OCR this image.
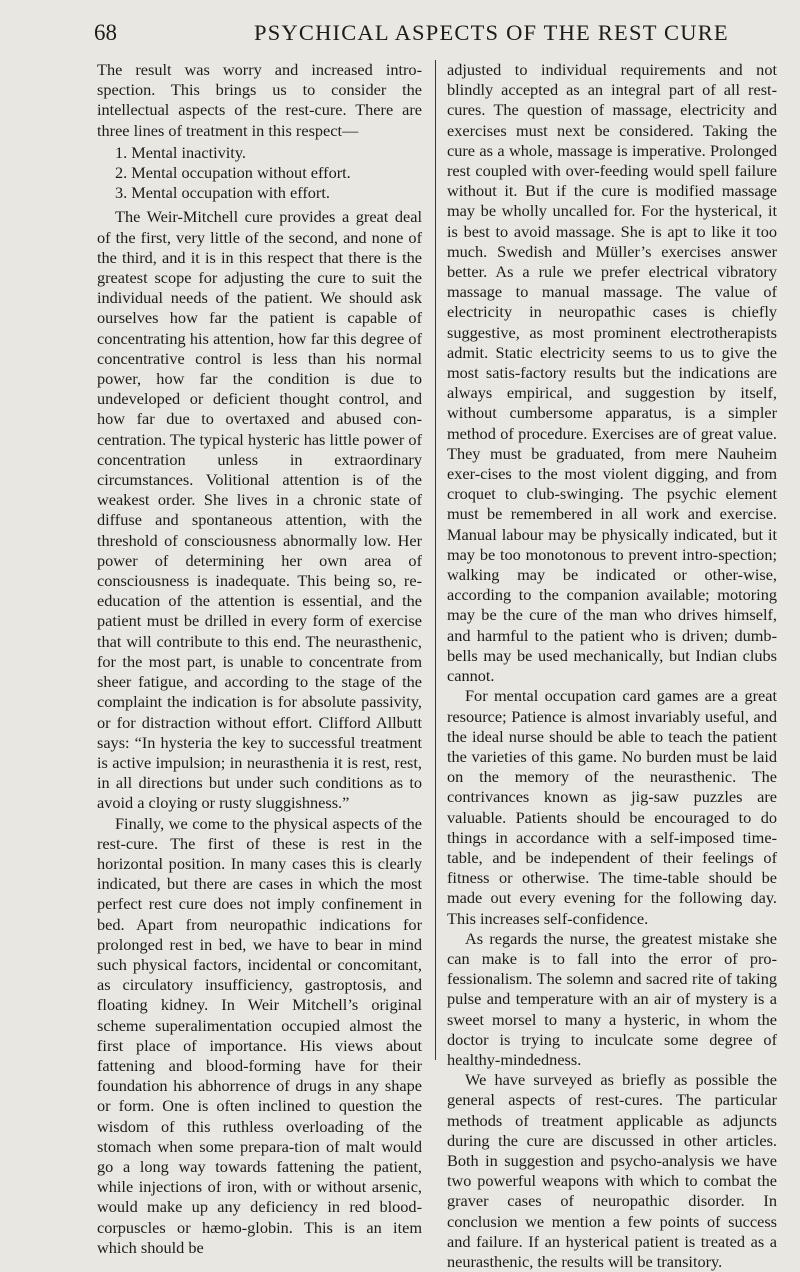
68	PSYCHICAL ASPECTS OF THE REST CURE

The result was worry and increased intro-spection. This brings us to consider the intellectual aspects of the rest-cure. There are three lines of treatment in this respect—

1. Mental inactivity.
2. Mental occupation without effort.
3. Mental occupation with effort.

The Weir-Mitchell cure provides a great deal of the first, very little of the second, and none of the third, and it is in this respect that there is the greatest scope for adjusting the cure to suit the individual needs of the patient. We should ask ourselves how far the patient is capable of concentrating his attention, how far this degree of concentrative control is less than his normal power, how far the condition is due to undeveloped or deficient thought control, and how far due to overtaxed and abused con-centration. The typical hysteric has little power of concentration unless in extraordinary circumstances. Volitional attention is of the weakest order. She lives in a chronic state of diffuse and spontaneous attention, with the threshold of consciousness abnormally low. Her power of determining her own area of consciousness is inadequate. This being so, re-education of the attention is essential, and the patient must be drilled in every form of exercise that will contribute to this end. The neurasthenic, for the most part, is unable to concentrate from sheer fatigue, and according to the stage of the complaint the indication is for absolute passivity, or for distraction without effort. Clifford Allbutt says: “In hysteria the key to successful treatment is active impulsion; in neurasthenia it is rest, rest, in all directions but under such conditions as to avoid a cloying or rusty sluggishness.”

Finally, we come to the physical aspects of the rest-cure. The first of these is rest in the horizontal position. In many cases this is clearly indicated, but there are cases in which the most perfect rest cure does not imply confinement in bed. Apart from neuropathic indications for prolonged rest in bed, we have to bear in mind such physical factors, incidental or concomitant, as circulatory insufficiency, gastroptosis, and floating kidney. In Weir Mitchell’s original scheme superalimentation occupied almost the first place of importance. His views about fattening and blood-forming have for their foundation his abhorrence of drugs in any shape or form. One is often inclined to question the wisdom of this ruthless overloading of the stomach when some prepara-tion of malt would go a long way towards fattening the patient, while injections of iron, with or without arsenic, would make up any deficiency in red blood-corpuscles or hæmo-globin. This is an item which should be

adjusted to individual requirements and not blindly accepted as an integral part of all rest-cures. The question of massage, electricity and exercises must next be considered. Taking the cure as a whole, massage is imperative. Prolonged rest coupled with over-feeding would spell failure without it. But if the cure is modified massage may be wholly uncalled for. For the hysterical, it is best to avoid massage. She is apt to like it too much. Swedish and Müller’s exercises answer better. As a rule we prefer electrical vibratory massage to manual massage. The value of electricity in neuropathic cases is chiefly suggestive, as most prominent electrotherapists admit. Static electricity seems to us to give the most satis-factory results but the indications are always empirical, and suggestion by itself, without cumbersome apparatus, is a simpler method of procedure. Exercises are of great value. They must be graduated, from mere Nauheim exer-cises to the most violent digging, and from croquet to club-swinging. The psychic element must be remembered in all work and exercise. Manual labour may be physically indicated, but it may be too monotonous to prevent intro-spection; walking may be indicated or other-wise, according to the companion available; motoring may be the cure of the man who drives himself, and harmful to the patient who is driven; dumb-bells may be used mechanically, but Indian clubs cannot.

For mental occupation card games are a great resource; Patience is almost invariably useful, and the ideal nurse should be able to teach the patient the varieties of this game. No burden must be laid on the memory of the neurasthenic. The contrivances known as jig-saw puzzles are valuable. Patients should be encouraged to do things in accordance with a self-imposed time-table, and be independent of their feelings of fitness or otherwise. The time-table should be made out every evening for the following day. This increases self-confidence.

As regards the nurse, the greatest mistake she can make is to fall into the error of pro-fessionalism. The solemn and sacred rite of taking pulse and temperature with an air of mystery is a sweet morsel to many a hysteric, in whom the doctor is trying to inculcate some degree of healthy-mindedness.

We have surveyed as briefly as possible the general aspects of rest-cures. The particular methods of treatment applicable as adjuncts during the cure are discussed in other articles. Both in suggestion and psycho-analysis we have two powerful weapons with which to combat the graver cases of neuropathic disorder. In conclusion we mention a few points of success and failure. If an hysterical patient is treated as a neurasthenic, the results will be transitory.
